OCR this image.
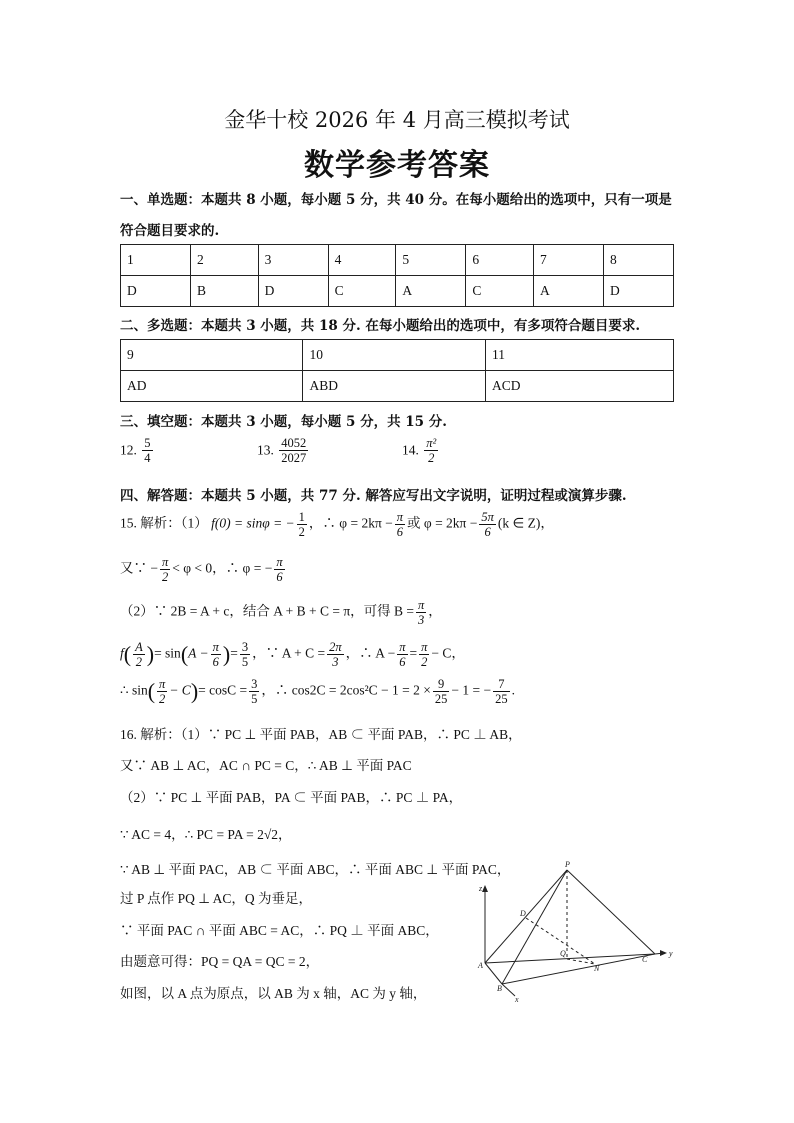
金华十校 2026 年 4 月高三模拟考试
数学参考答案
一、单选题：本题共 8 小题，每小题 5 分，共 40 分。在每小题给出的选项中，只有一项是
符合题目要求的.
1	2	3	4	5	6	7	8
D	B	D	C	A	C	A	D
二、多选题：本题共 3 小题，共 18 分. 在每小题给出的选项中，有多项符合题目要求.
9	10	11
AD	ABD	ACD
三、填空题：本题共 3 小题，每小题 5 分，共 15 分.
12. $\frac{5}{4}$	13. $\frac{4052}{2027}$	14. $\frac{\text{π²}}{2}$
四、解答题：本题共 5 小题，共 77 分. 解答应写出文字说明，证明过程或演算步骤.
15. 解析：（1） f(0) = sinφ = − $\frac{1}{2}$ ，∴ $\varphi = 2k\pi - \frac{\pi}{6}$ 或 $\varphi = 2k\pi - \frac{5\pi}{6} (k$ ∈ Z)，
又∵ − $\frac{\pi}{2} < \varphi < 0$，∴ φ = − $\frac{\pi}{6}$
（2）∵ 2B = A + c，结合 A + B + C = π，可得 $B = \frac{\pi}{3}$ ，
$f( \frac{A}{2}$ )= $\sin(A - \frac{\pi}{6}$ )= $\frac{3}{5}$ ，∵ $A + C = \frac{2\pi}{3}$ ，∴ $A - \frac{\pi}{6} = \frac{\pi}{2} - C$，
∴ $\sin( \frac{\pi}{2} - C)= \cos C = \frac{3}{5}$ ，∴ $\cos 2C = 2\cos^2C - 1 = 2 \times \frac{9}{25} - 1$ = − $\frac{7}{25}$ .
16. 解析：（1）∵ PC ⊥ 平面 PAB，AB ⊂ 平面 PAB，∴ PC ⊥ AB，
又∵ AB ⊥ AC，AC ∩ PC = C，∴ AB ⊥ 平面 PAC
（2）∵ PC ⊥ 平面 PAB，PA ⊂ 平面 PAB，∴ PC ⊥ PA，
∵ AC = 4，∴ PC = PA = 2√2，
∵ AB ⊥ 平面 PAC，AB ⊂ 平面 ABC，∴ 平面 ABC ⊥ 平面 PAC，
过 P 点作 PQ ⊥ AC，Q 为垂足，
∵ 平面 PAC ∩ 平面 ABC = AC，∴ PQ ⊥ 平面 ABC，
由题意可得：PQ = QA = QC = 2，
如图，以 A 点为原点，以 AB 为 x 轴，AC 为 y 轴，
P
D
Q
N
A
B
C
x
y
z
